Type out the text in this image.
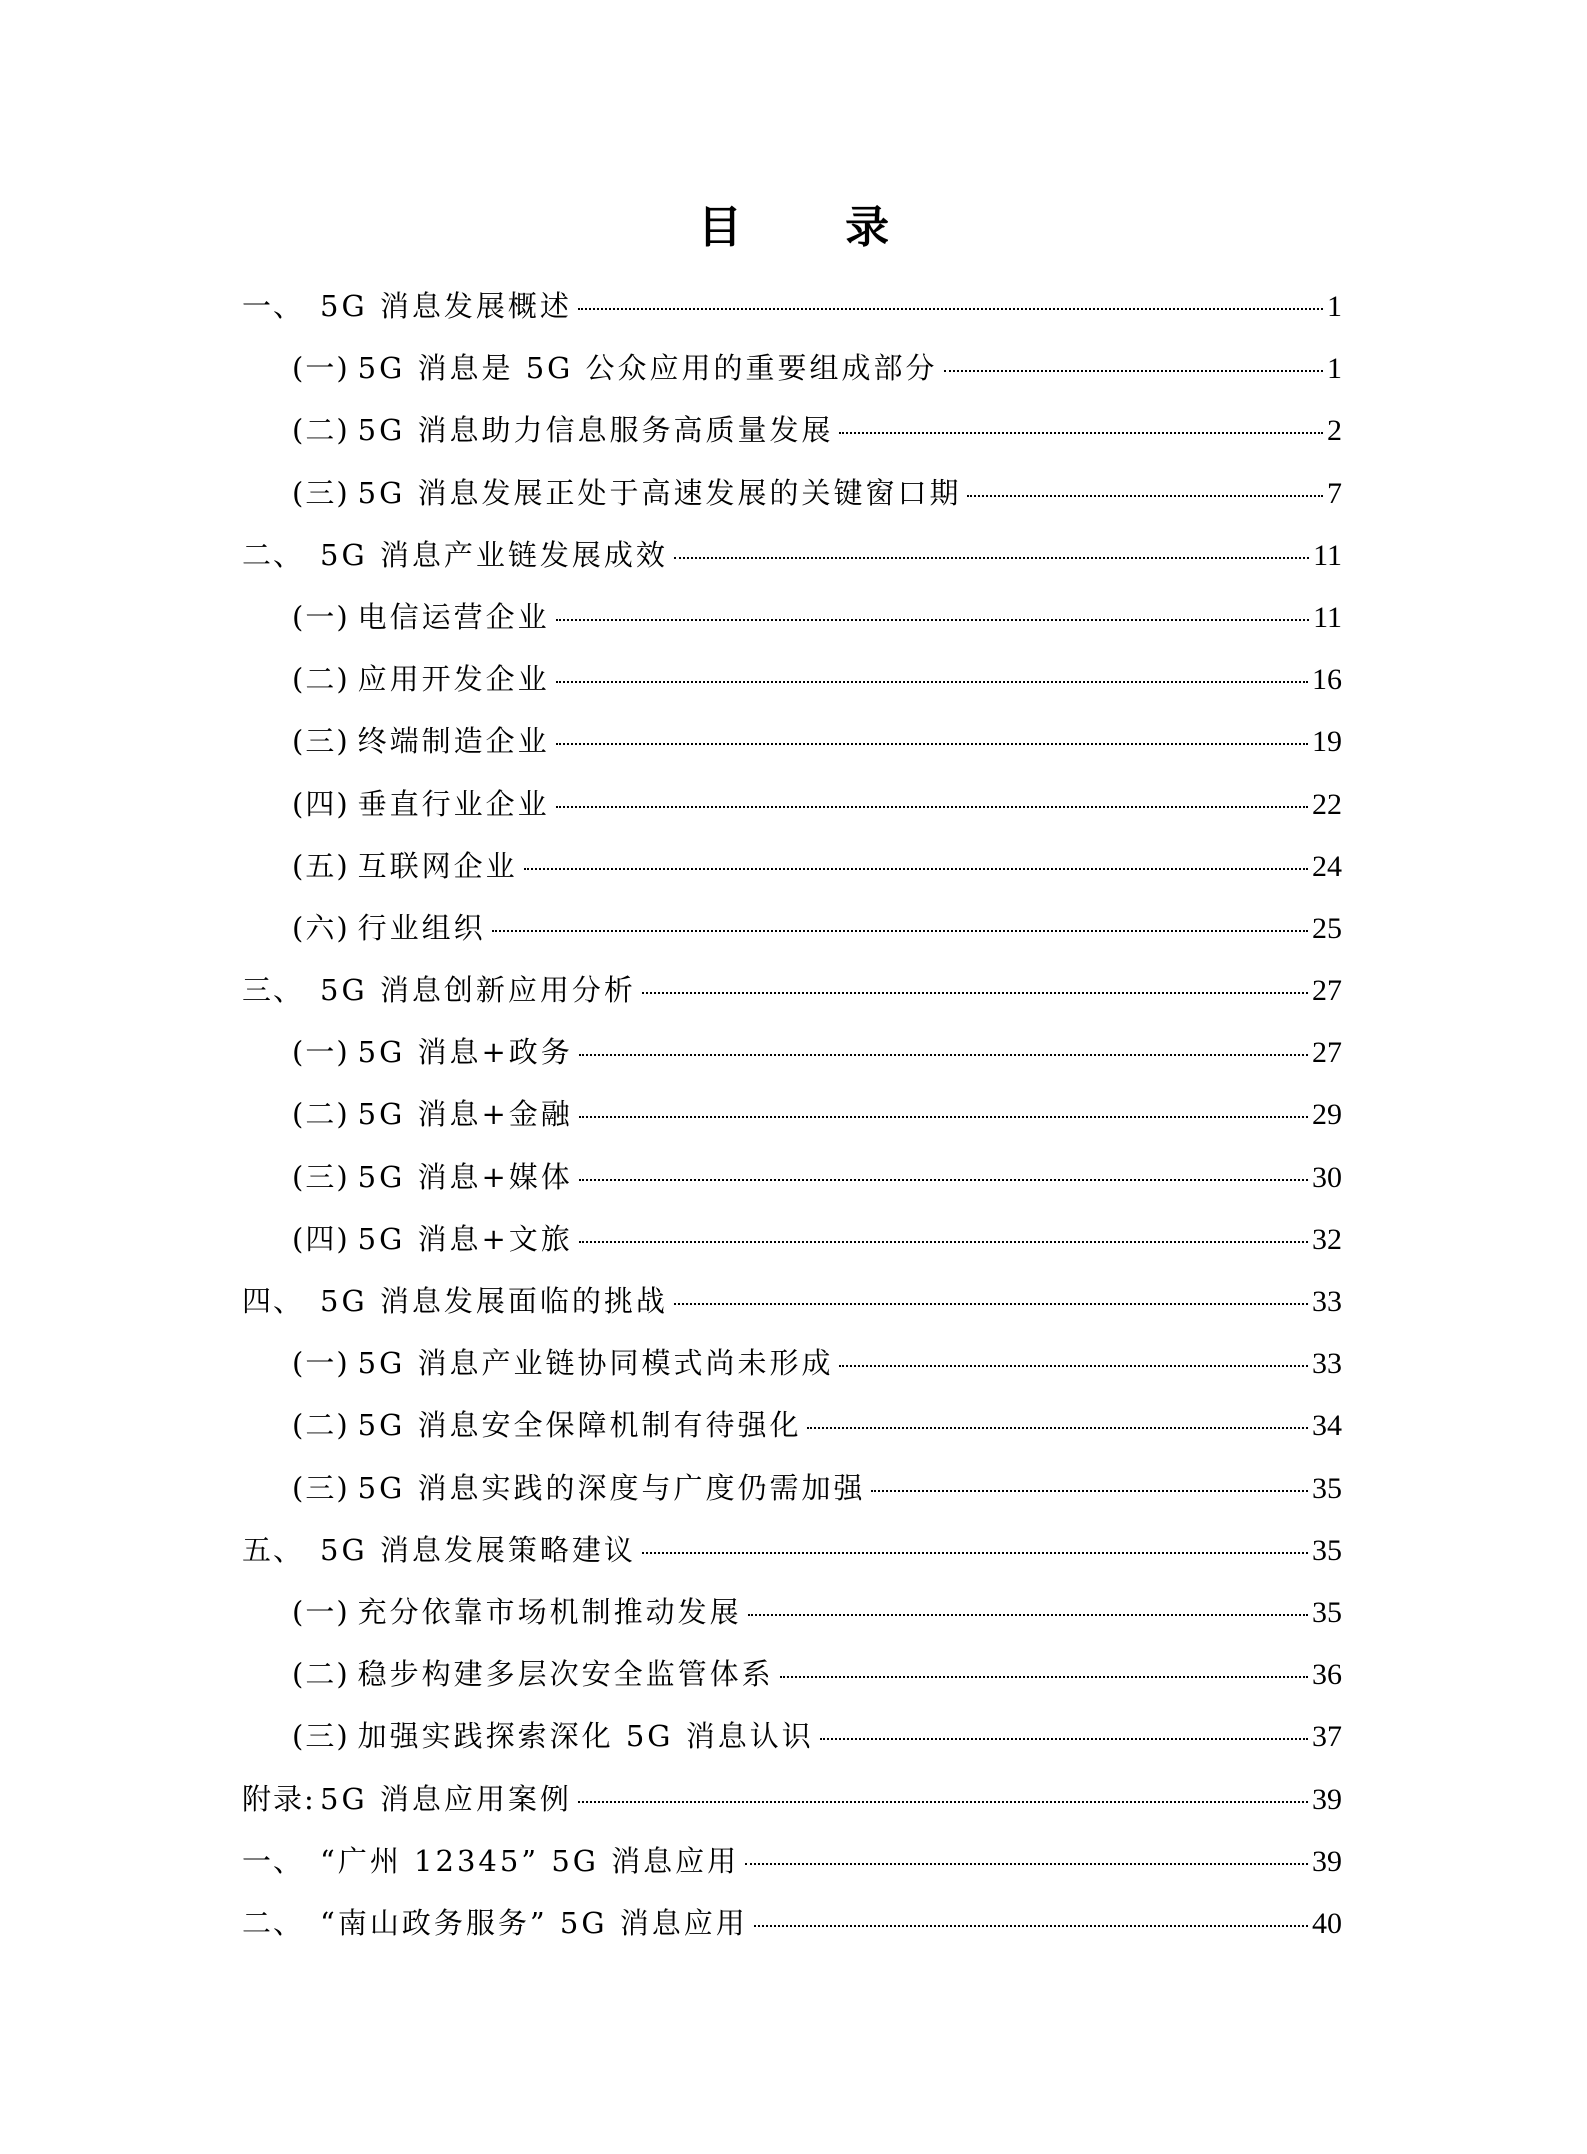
目 录
一、 5G 消息发展概述	1
(一) 5G 消息是 5G 公众应用的重要组成部分	1
(二) 5G 消息助力信息服务高质量发展	2
(三) 5G 消息发展正处于高速发展的关键窗口期	7
二、 5G 消息产业链发展成效	11
(一) 电信运营企业	11
(二) 应用开发企业	16
(三) 终端制造企业	19
(四) 垂直行业企业	22
(五) 互联网企业	24
(六) 行业组织	25
三、 5G 消息创新应用分析	27
(一) 5G 消息+政务	27
(二) 5G 消息+金融	29
(三) 5G 消息+媒体	30
(四) 5G 消息+文旅	32
四、 5G 消息发展面临的挑战	33
(一) 5G 消息产业链协同模式尚未形成	33
(二) 5G 消息安全保障机制有待强化	34
(三) 5G 消息实践的深度与广度仍需加强	35
五、 5G 消息发展策略建议	35
(一) 充分依靠市场机制推动发展	35
(二) 稳步构建多层次安全监管体系	36
(三) 加强实践探索深化 5G 消息认识	37
附录: 5G 消息应用案例	39
一、 “广州 12345” 5G 消息应用	39
二、 “南山政务服务” 5G 消息应用	40
